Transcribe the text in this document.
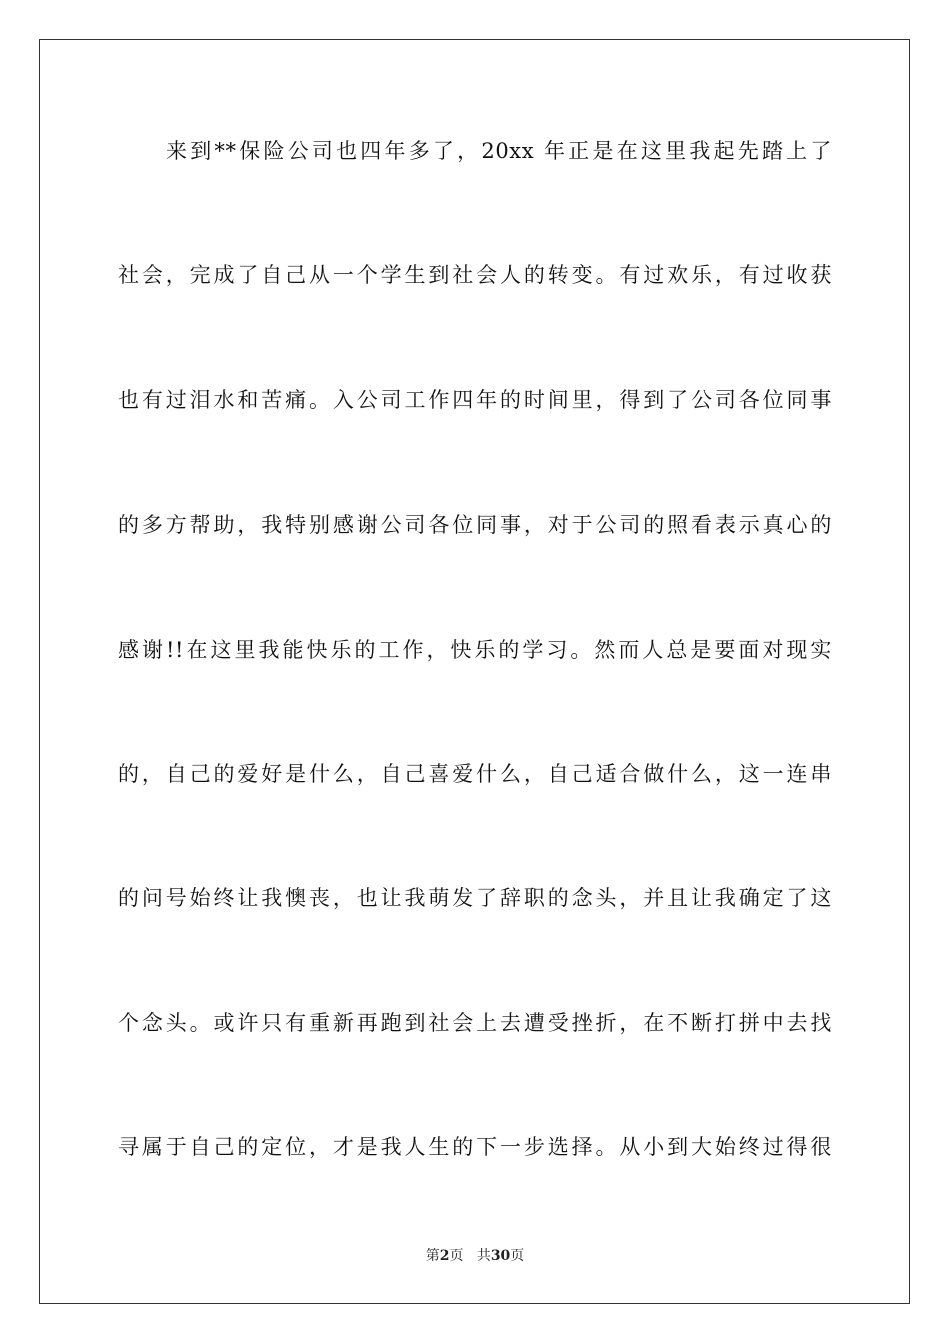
来到**保险公司也四年多了，20xx 年正是在这里我起先踏上了
社会，完成了自己从一个学生到社会人的转变。有过欢乐，有过收获
也有过泪水和苦痛。入公司工作四年的时间里，得到了公司各位同事
的多方帮助，我特别感谢公司各位同事，对于公司的照看表示真心的
感谢!!在这里我能快乐的工作，快乐的学习。然而人总是要面对现实
的，自己的爱好是什么，自己喜爱什么，自己适合做什么，这一连串
的问号始终让我懊丧，也让我萌发了辞职的念头，并且让我确定了这
个念头。或许只有重新再跑到社会上去遭受挫折，在不断打拼中去找
寻属于自己的定位，才是我人生的下一步选择。从小到大始终过得很
第2页 共30页
